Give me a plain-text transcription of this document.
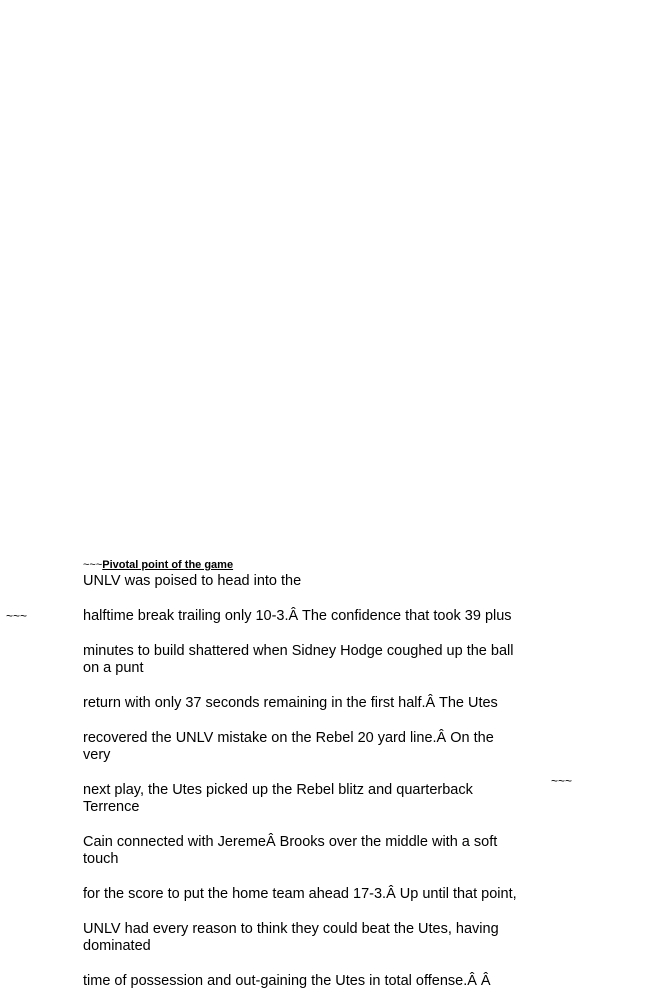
~~~Pivotal point of the game

UNLV was poised to head into the

~~~	halftime break trailing only 10-3.Â The confidence that took 39 plus

minutes to build shattered when Sidney Hodge coughed up the ball on a punt

return with only 37 seconds remaining in the first half.Â The Utes

recovered the UNLV mistake on the Rebel 20 yard line.Â On the very

~~~

next play, the Utes picked up the Rebel blitz and quarterback Terrence

Cain connected with JeremeÂ Brooks over the middle with a soft touch

for the score to put the home team ahead 17-3.Â Up until that point,

UNLV had every reason to think they could beat the Utes, having dominated

time of possession and out-gaining the Utes in total offense.Â Â
